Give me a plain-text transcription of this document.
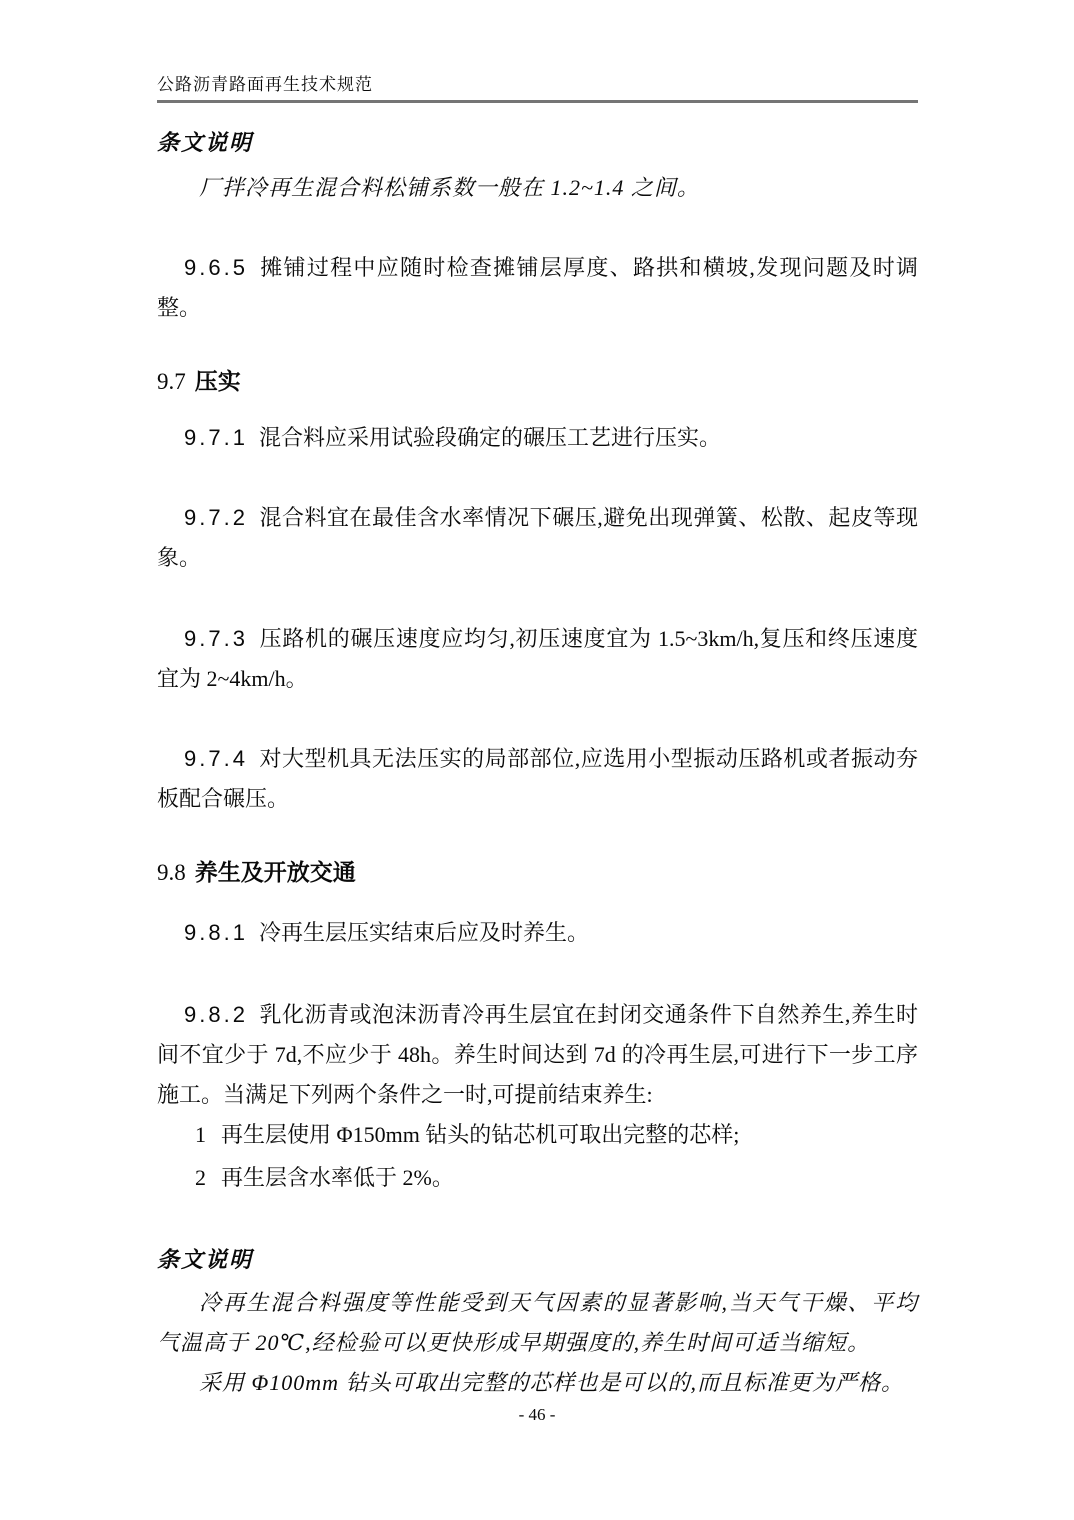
公路沥青路面再生技术规范

条文说明

厂拌冷再生混合料松铺系数一般在 1.2~1.4 之间。

9.6.5 摊铺过程中应随时检查摊铺层厚度、路拱和横坡,发现问题及时调整。

9.7 压实

9.7.1 混合料应采用试验段确定的碾压工艺进行压实。

9.7.2 混合料宜在最佳含水率情况下碾压,避免出现弹簧、松散、起皮等现象。

9.7.3 压路机的碾压速度应均匀,初压速度宜为 1.5~3km/h,复压和终压速度宜为 2~4km/h。

9.7.4 对大型机具无法压实的局部部位,应选用小型振动压路机或者振动夯板配合碾压。

9.8 养生及开放交通

9.8.1 冷再生层压实结束后应及时养生。

9.8.2 乳化沥青或泡沫沥青冷再生层宜在封闭交通条件下自然养生,养生时间不宜少于 7d,不应少于 48h。养生时间达到 7d 的冷再生层,可进行下一步工序施工。当满足下列两个条件之一时,可提前结束养生:

1 再生层使用 Φ150mm 钻头的钻芯机可取出完整的芯样;

2 再生层含水率低于 2%。

条文说明

冷再生混合料强度等性能受到天气因素的显著影响,当天气干燥、平均气温高于 20℃,经检验可以更快形成早期强度的,养生时间可适当缩短。

采用 Φ100mm 钻头可取出完整的芯样也是可以的,而且标准更为严格。

- 46 -
